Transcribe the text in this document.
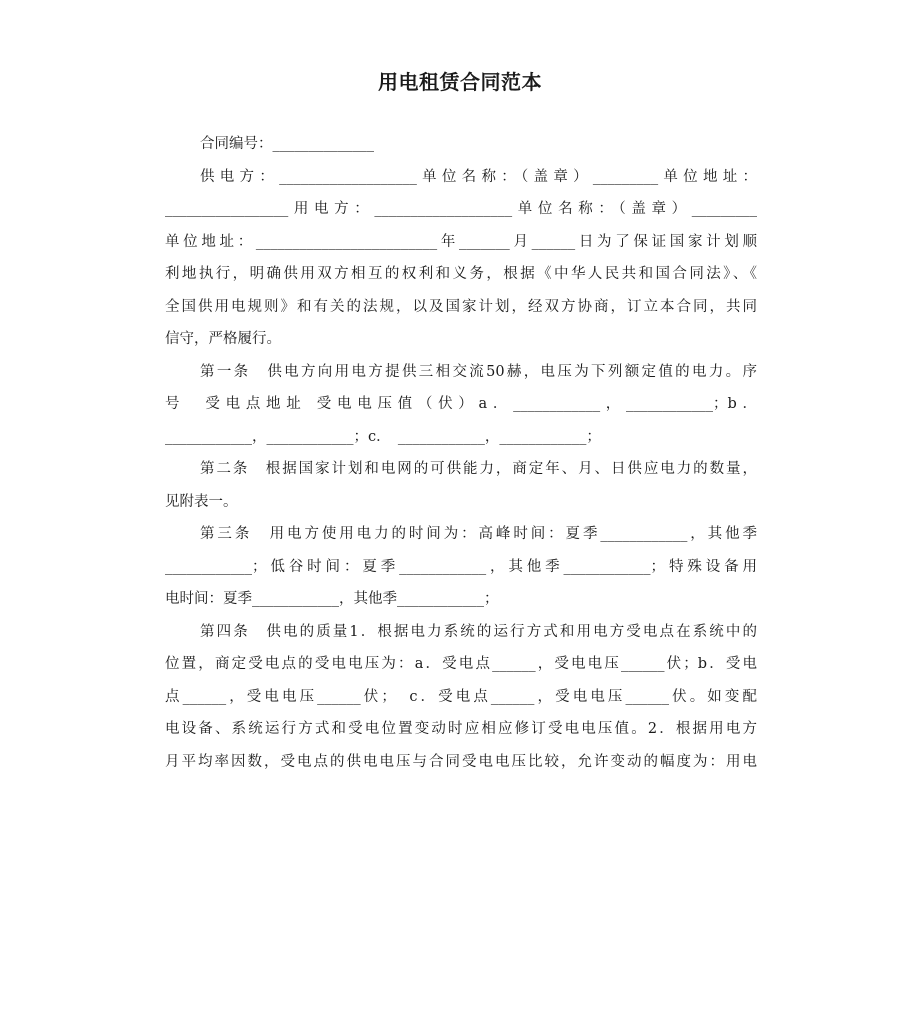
用电租赁合同范本
合同编号：______________
供电方：___________________单位名称：（盖章）_________单位地址：
_________________用电方：___________________单位名称：（盖章）_________
单位地址：_________________________年_______月______日为了保证国家计划顺
利地执行，明确供用双方相互的权利和义务，根据《中华人民共和国合同法》、《
全国供用电规则》和有关的法规，以及国家计划，经双方协商，订立本合同，共同
信守，严格履行。
第一条　供电方向用电方提供三相交流50赫，电压为下列额定值的电力。序
号　受电点地址 受电电压值（伏）a．____________，____________；b．
____________，____________；c．　____________，____________；
第二条　根据国家计划和电网的可供能力，商定年、月、日供应电力的数量，
见附表一。
第三条　用电方使用电力的时间为：高峰时间：夏季____________，其他季
____________；低谷时间：夏季____________，其他季____________；特殊设备用
电时间：夏季____________，其他季____________；
第四条　供电的质量1．根据电力系统的运行方式和用电方受电点在系统中的
位置，商定受电点的受电电压为：a．受电点______，受电电压______伏；b．受电
点______，受电电压______伏；　c．受电点______，受电电压______伏。如变配
电设备、系统运行方式和受电位置变动时应相应修订受电电压值。2．根据用电方
月平均率因数，受电点的供电电压与合同受电电压比较，允许变动的幅度为：用电
